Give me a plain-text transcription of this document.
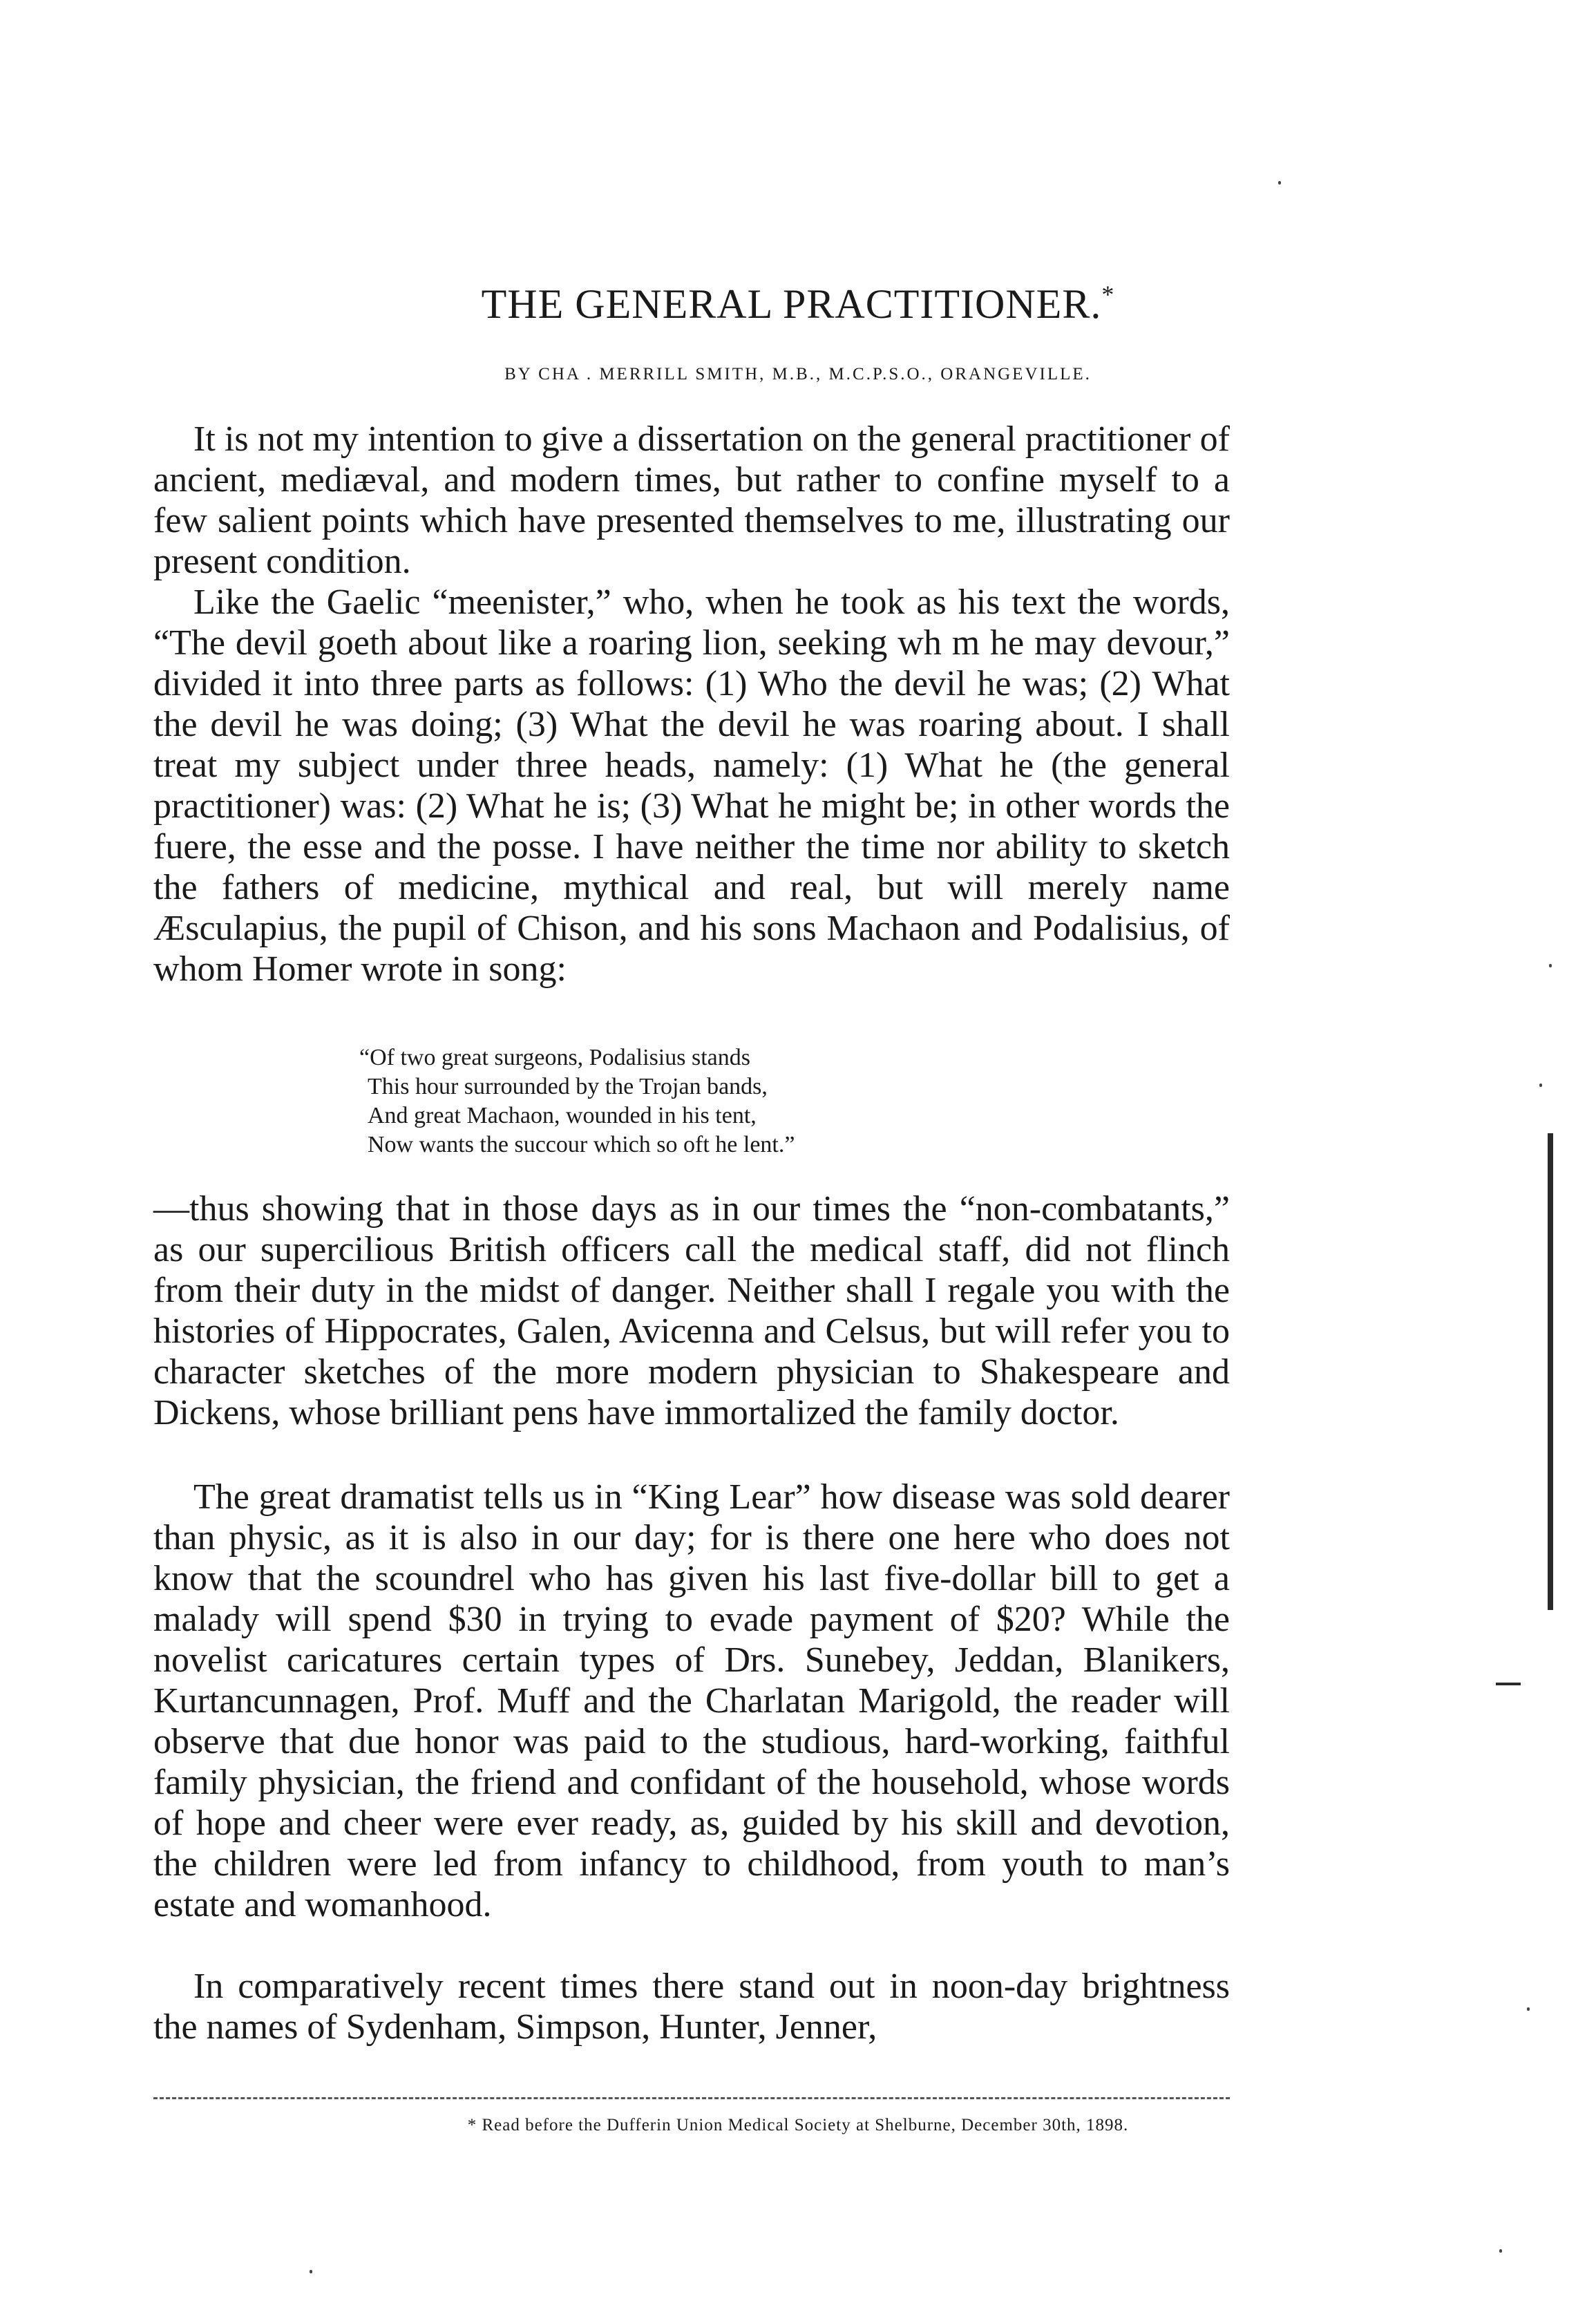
THE GENERAL PRACTITIONER.*

BY CHA . MERRILL SMITH, M.B., M.C.P.S.O., ORANGEVILLE.

It is not my intention to give a dissertation on the general practitioner of ancient, mediæval, and modern times, but rather to confine myself to a few salient points which have presented themselves to me, illustrating our present condition.

Like the Gaelic “meenister,” who, when he took as his text the words, “The devil goeth about like a roaring lion, seeking wh m he may devour,” divided it into three parts as follows: (1) Who the devil he was; (2) What the devil he was doing; (3) What the devil he was roaring about. I shall treat my subject under three heads, namely: (1) What he (the general practitioner) was: (2) What he is; (3) What he might be; in other words the fuere, the esse and the posse. I have neither the time nor ability to sketch the fathers of medicine, mythical and real, but will merely name Æsculapius, the pupil of Chison, and his sons Machaon and Podalisius, of whom Homer wrote in song:

“Of two great surgeons, Podalisius stands
This hour surrounded by the Trojan bands,
And great Machaon, wounded in his tent,
Now wants the succour which so oft he lent.”

—thus showing that in those days as in our times the “non-combatants,” as our supercilious British officers call the medical staff, did not flinch from their duty in the midst of danger. Neither shall I regale you with the histories of Hippocrates, Galen, Avicenna and Celsus, but will refer you to character sketches of the more modern physician to Shakespeare and Dickens, whose brilliant pens have immortalized the family doctor.

The great dramatist tells us in “King Lear” how disease was sold dearer than physic, as it is also in our day; for is there one here who does not know that the scoundrel who has given his last five-dollar bill to get a malady will spend $30 in trying to evade payment of $20? While the novelist caricatures certain types of Drs. Sunebey, Jeddan, Blanikers, Kurtancunnagen, Prof. Muff and the Charlatan Marigold, the reader will observe that due honor was paid to the studious, hard-working, faithful family physician, the friend and confidant of the household, whose words of hope and cheer were ever ready, as, guided by his skill and devotion, the children were led from infancy to childhood, from youth to man’s estate and womanhood.

In comparatively recent times there stand out in noon-day brightness the names of Sydenham, Simpson, Hunter, Jenner,

* Read before the Dufferin Union Medical Society at Shelburne, December 30th, 1898.
